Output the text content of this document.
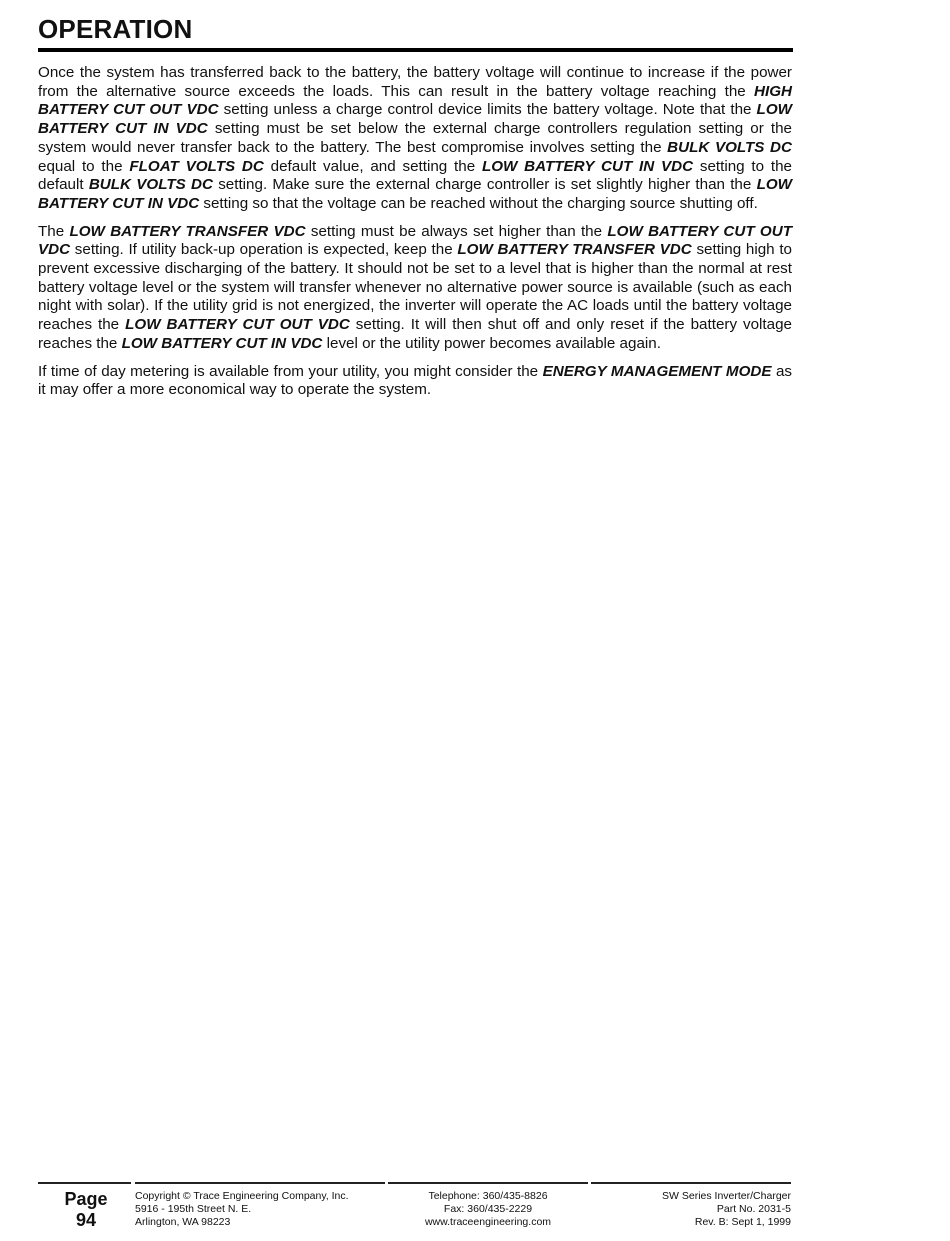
OPERATION

Once the system has transferred back to the battery, the battery voltage will continue to increase if the power from the alternative source exceeds the loads. This can result in the battery voltage reaching the HIGH BATTERY CUT OUT VDC setting unless a charge control device limits the battery voltage. Note that the LOW BATTERY CUT IN VDC setting must be set below the external charge controllers regulation setting or the system would never transfer back to the battery. The best compromise involves setting the BULK VOLTS DC equal to the FLOAT VOLTS DC default value, and setting the LOW BATTERY CUT IN VDC setting to the default BULK VOLTS DC setting. Make sure the external charge controller is set slightly higher than the LOW BATTERY CUT IN VDC setting so that the voltage can be reached without the charging source shutting off.

The LOW BATTERY TRANSFER VDC setting must be always set higher than the LOW BATTERY CUT OUT VDC setting. If utility back-up operation is expected, keep the LOW BATTERY TRANSFER VDC setting high to prevent excessive discharging of the battery. It should not be set to a level that is higher than the normal at rest battery voltage level or the system will transfer whenever no alternative power source is available (such as each night with solar). If the utility grid is not energized, the inverter will operate the AC loads until the battery voltage reaches the LOW BATTERY CUT OUT VDC setting. It will then shut off and only reset if the battery voltage reaches the LOW BATTERY CUT IN VDC level or the utility power becomes available again.

If time of day metering is available from your utility, you might consider the ENERGY MANAGEMENT MODE as it may offer a more economical way to operate the system.

Page
94
Copyright © Trace Engineering Company, Inc.
5916 - 195th Street N. E.
Arlington, WA 98223
Telephone: 360/435-8826
Fax: 360/435-2229
www.traceengineering.com
SW Series Inverter/Charger
Part No. 2031-5
Rev. B: Sept 1, 1999
